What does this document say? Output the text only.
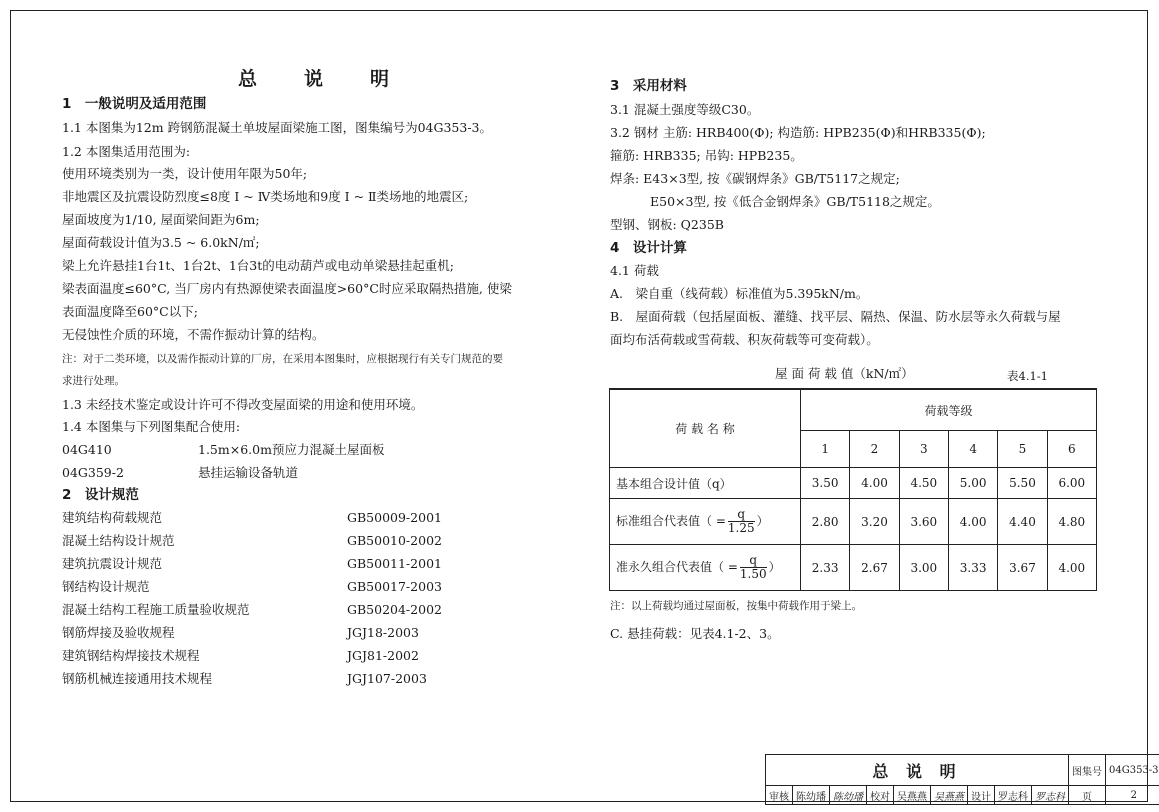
总 说 明
1　一般说明及适用范围
1.1 本图集为12m 跨钢筋混凝土单坡屋面梁施工图，图集编号为04G353-3。
1.2 本图集适用范围为:
使用环境类别为一类，设计使用年限为50年;
非地震区及抗震设防烈度≤8度 I ~ Ⅳ类场地和9度 I ~ Ⅱ类场地的地震区;
屋面坡度为1/10, 屋面梁间距为6m;
屋面荷载设计值为3.5 ~ 6.0kN/㎡;
梁上允许悬挂1台1t、1台2t、1台3t的电动葫芦或电动单梁悬挂起重机;
梁表面温度≤60°C, 当厂房内有热源使梁表面温度>60°C时应采取隔热措施, 使梁
表面温度降至60°C以下;
无侵蚀性介质的环境，不需作振动计算的结构。
注：对于二类环境，以及需作振动计算的厂房，在采用本图集时，应根据现行有关专门规范的要
求进行处理。
1.3 未经技术鉴定或设计许可不得改变屋面梁的用途和使用环境。
1.4 本图集与下列图集配合使用:
04G410	1.5m×6.0m预应力混凝土屋面板
04G359-2	悬挂运输设备轨道
2　设计规范
建筑结构荷载规范	GB50009-2001
混凝土结构设计规范	GB50010-2002
建筑抗震设计规范	GB50011-2001
钢结构设计规范	GB50017-2003
混凝土结构工程施工质量验收规范	GB50204-2002
钢筋焊接及验收规程	JGJ18-2003
建筑钢结构焊接技术规程	JGJ81-2002
钢筋机械连接通用技术规程	JGJ107-2003
3　采用材料
3.1 混凝土强度等级C30。
3.2 钢材 主筋: HRB400(Φ); 构造筋: HPB235(Φ)和HRB335(Φ);
箍筋: HRB335; 吊钩: HPB235。
焊条: E43×3型, 按《碳钢焊条》GB/T5117之规定;
E50×3型, 按《低合金钢焊条》GB/T5118之规定。
型钢、钢板: Q235B
4　设计计算
4.1 荷载
A.　梁自重（线荷载）标准值为5.395kN/m。
B.　屋面荷载（包括屋面板、灌缝、找平层、隔热、保温、防水层等永久荷载与屋
面均布活荷载或雪荷载、积灰荷载等可变荷载）。
屋 面 荷 载 值（kN/㎡）	表4.1-1
荷 载 名 称	荷载等级					
	1	2	3	4	5	6
基本组合设计值（q）	3.50	4.00	4.50	5.00	5.50	6.00
标准组合代表值（ = $\frac{q}{1.25}$ ）	2.80	3.20	3.60	4.00	4.40	4.80
准永久组合代表值（ = $\frac{q}{1.50}$ ）	2.33	2.67	3.00	3.33	3.67	4.00
注：以上荷载均通过屋面板，按集中荷载作用于梁上。
C. 悬挂荷载：见表4.1-2、3。
总 说 明									图集号	04G353-3
审核	陈幼璠	陈幼璠	校对	吴燕燕	吴燕燕	设计	罗志科	罗志科	页	2
